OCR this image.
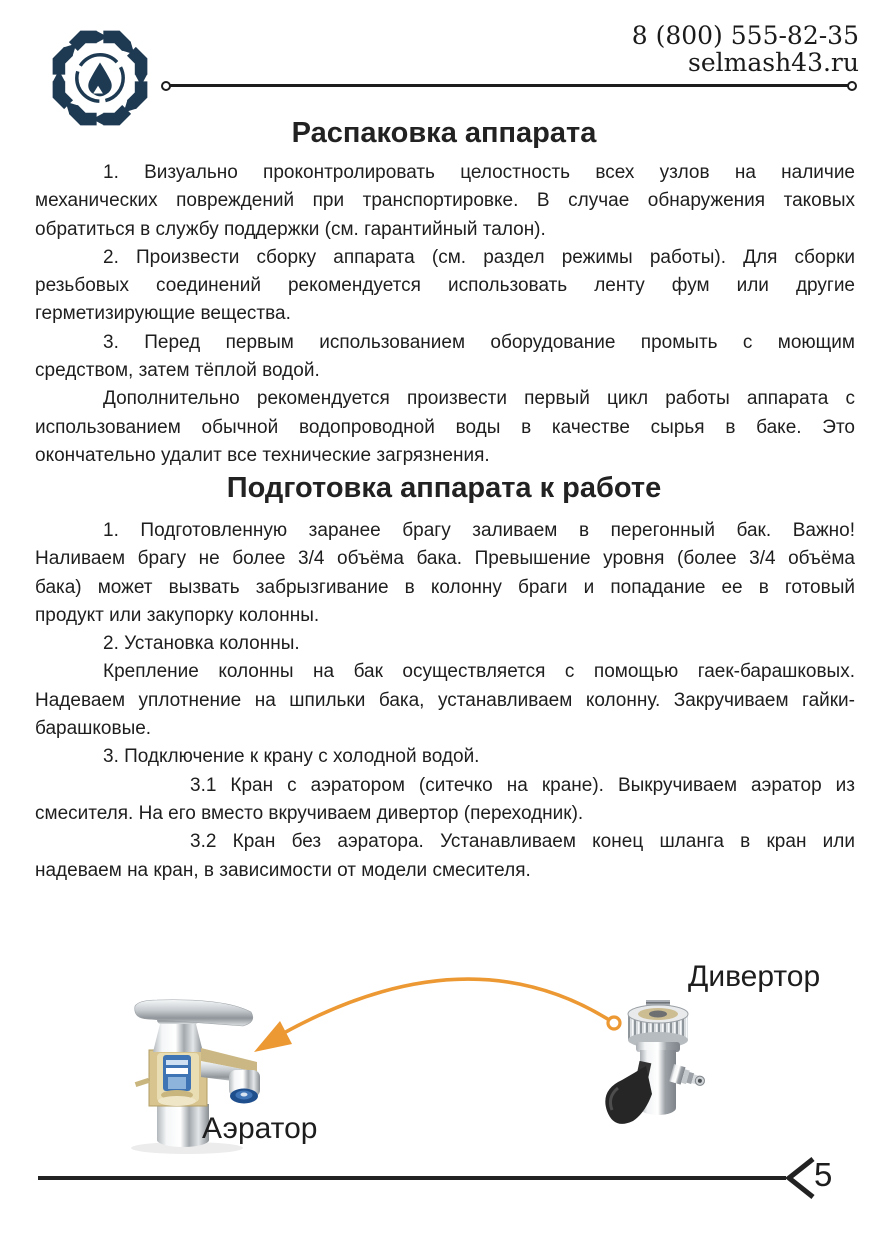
8 (800) 555-82-35
selmash43.ru
Распаковка аппарата
1. Визуально проконтролировать целостность всех узлов на наличие
механических повреждений при транспортировке. В случае обнаружения таковых
обратиться в службу поддержки (см. гарантийный талон).
2. Произвести сборку аппарата (см. раздел режимы работы). Для сборки
резьбовых соединений рекомендуется использовать ленту фум или другие
герметизирующие вещества.
3. Перед первым использованием оборудование промыть с моющим
средством, затем тёплой водой.
Дополнительно рекомендуется произвести первый цикл работы аппарата с
использованием обычной водопроводной воды в качестве сырья в баке. Это
окончательно удалит все технические загрязнения.
Подготовка аппарата к работе
1. Подготовленную заранее брагу заливаем в перегонный бак. Важно!
Наливаем брагу не более 3/4 объёма бака. Превышение уровня (более 3/4 объёма
бака) может вызвать забрызгивание в колонну браги и попадание ее в готовый
продукт или закупорку колонны.
2. Установка колонны.
Крепление колонны на бак осуществляется с помощью гаек-барашковых.
Надеваем уплотнение на шпильки бака, устанавливаем колонну. Закручиваем гайки-
барашковые.
3. Подключение к крану с холодной водой.
3.1 Кран с аэратором (ситечко на кране). Выкручиваем аэратор из
смесителя. На его вместо вкручиваем дивертор (переходник).
3.2 Кран без аэратора. Устанавливаем конец шланга в кран или
надеваем на кран, в зависимости от модели смесителя.
Аэратор
Дивертор
5
